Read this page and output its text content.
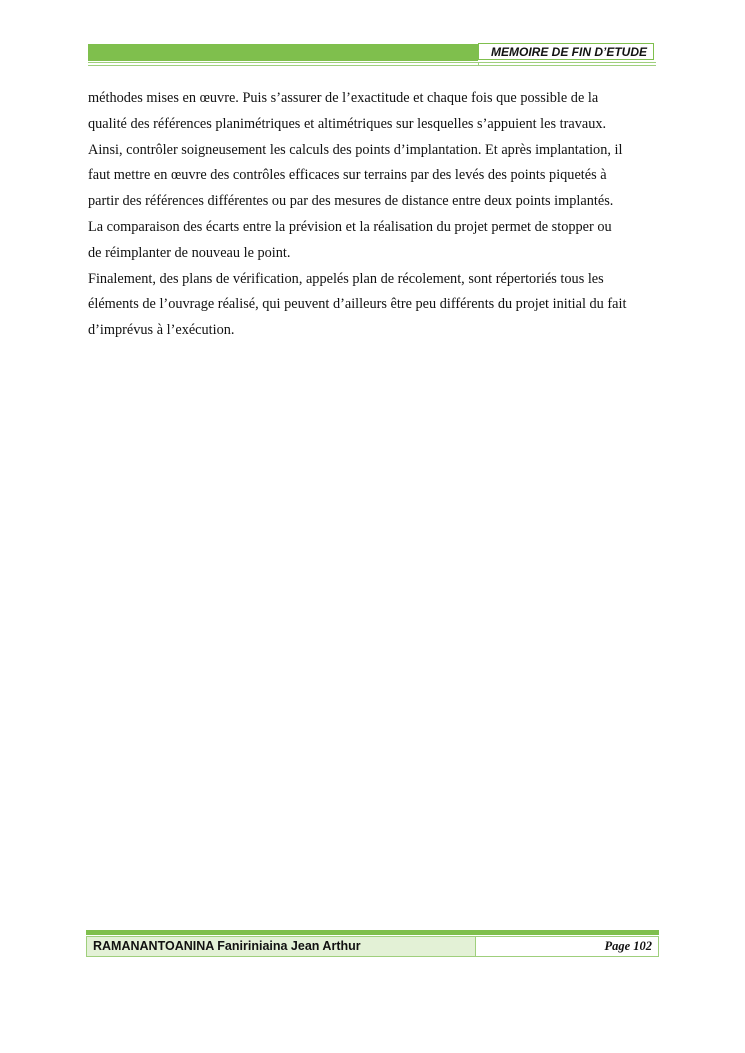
MEMOIRE DE FIN D’ETUDE

méthodes mises en œuvre. Puis s’assurer de l’exactitude et chaque fois que possible de la

qualité des références planimétriques et altimétriques sur lesquelles s’appuient les travaux.

Ainsi, contrôler soigneusement les calculs des points d’implantation. Et après implantation, il

faut mettre en œuvre des contrôles efficaces sur terrains par des levés des points piquetés à

partir des références différentes ou par des mesures de distance entre deux points implantés.

La comparaison des écarts entre la prévision et la réalisation du projet permet de stopper ou

de réimplanter de nouveau le point.

Finalement, des plans de vérification, appelés plan de récolement, sont répertoriés tous les

éléments de l’ouvrage réalisé, qui peuvent d’ailleurs être peu différents du projet initial du fait

d’imprévus à l’exécution.

RAMANANTOANINA Faniriniaina Jean Arthur	Page 102
